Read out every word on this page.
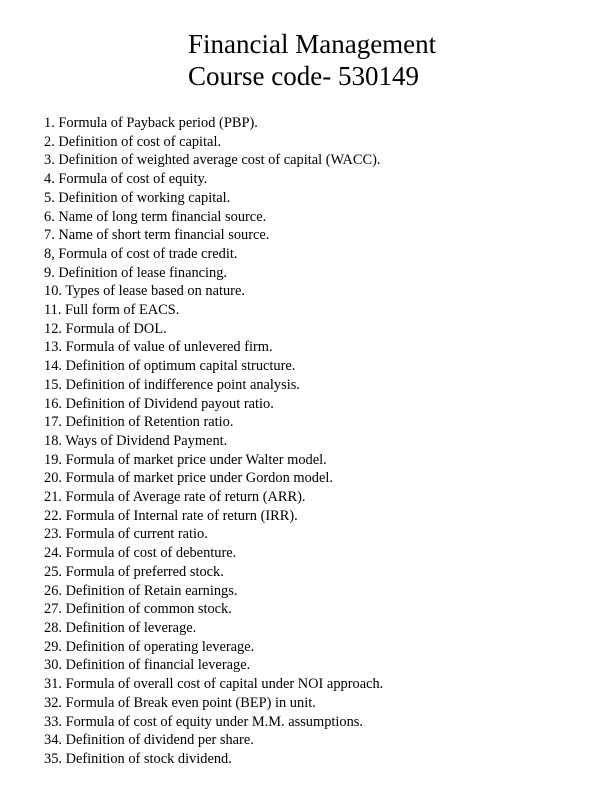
Financial Management
Course code- 530149
1. Formula of Payback period (PBP).
2. Definition of cost of capital.
3. Definition of weighted average cost of capital (WACC).
4. Formula of cost of equity.
5. Definition of working capital.
6. Name of long term financial source.
7. Name of short term financial source.
8, Formula of cost of trade credit.
9. Definition of lease financing.
10. Types of lease based on nature.
11. Full form of EACS.
12. Formula of DOL.
13. Formula of value of unlevered firm.
14. Definition of optimum capital structure.
15. Definition of indifference point analysis.
16. Definition of Dividend payout ratio.
17. Definition of Retention ratio.
18. Ways of Dividend Payment.
19. Formula of market price under Walter model.
20. Formula of market price under Gordon model.
21. Formula of Average rate of return (ARR).
22. Formula of Internal rate of return (IRR).
23. Formula of current ratio.
24. Formula of cost of debenture.
25. Formula of preferred stock.
26. Definition of Retain earnings.
27. Definition of common stock.
28. Definition of leverage.
29. Definition of operating leverage.
30. Definition of financial leverage.
31. Formula of overall cost of capital under NOI approach.
32. Formula of Break even point (BEP) in unit.
33. Formula of cost of equity under M.M. assumptions.
34. Definition of dividend per share.
35. Definition of stock dividend.
